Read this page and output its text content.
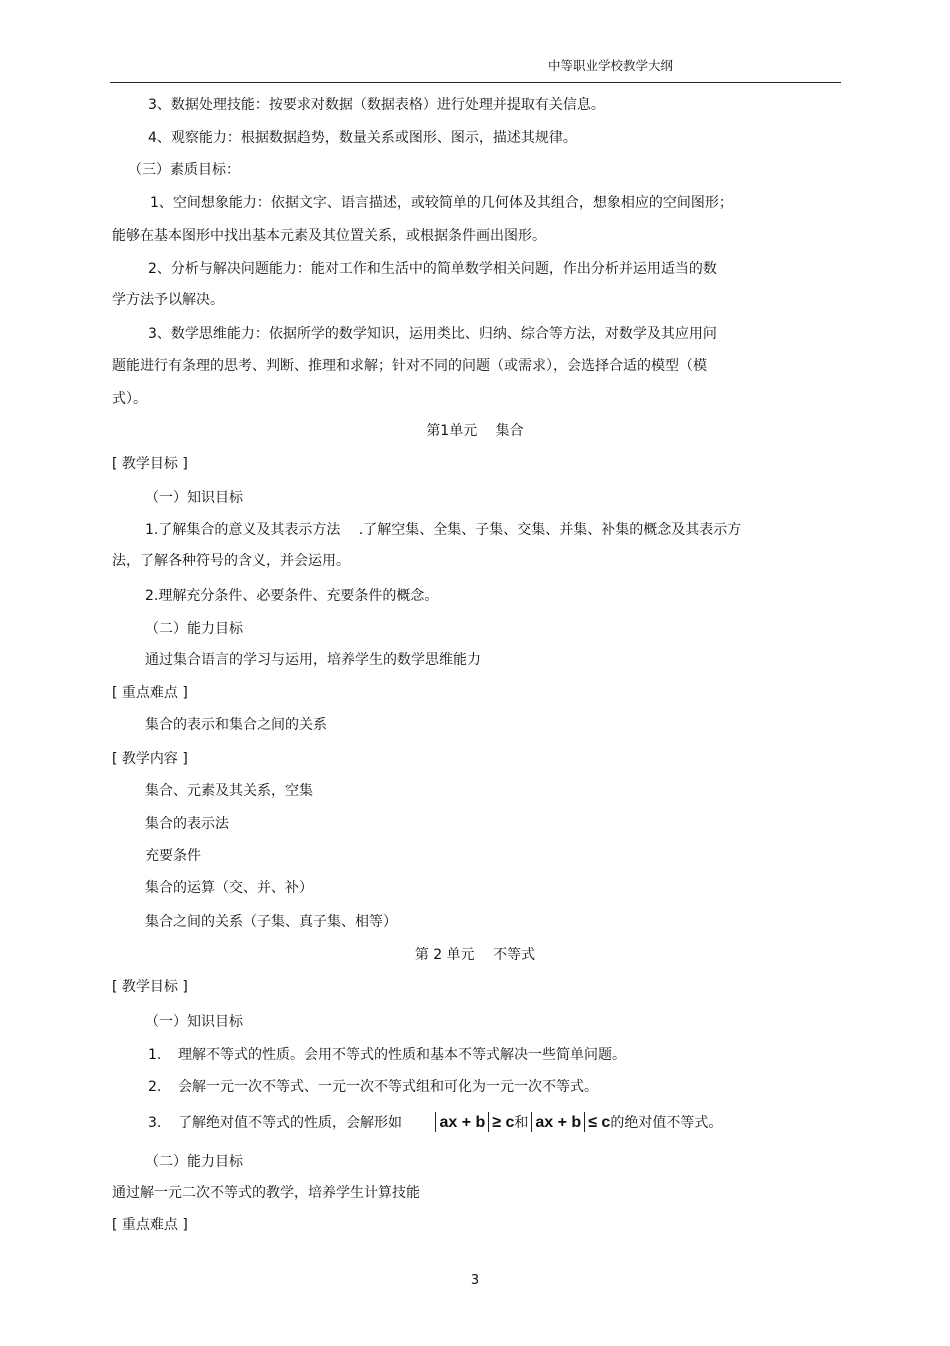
中等职业学校教学大纲
3、数据处理技能：按要求对数据（数据表格）进行处理并提取有关信息。
4、观察能力：根据数据趋势，数量关系或图形、图示，描述其规律。
（三）素质目标：
1、空间想象能力：依据文字、语言描述，或较简单的几何体及其组合，想象相应的空间图形；
能够在基本图形中找出基本元素及其位置关系，或根据条件画出图形。
2、分析与解决问题能力：能对工作和生活中的简单数学相关问题，作出分析并运用适当的数
学方法予以解决。
3、数学思维能力：依据所学的数学知识，运用类比、归纳、综合等方法，对数学及其应用问
题能进行有条理的思考、判断、推理和求解；针对不同的问题（或需求），会选择合适的模型（模
式）。
第1单元　 集合
[ 教学目标 ]
（一）知识目标
1.了解集合的意义及其表示方法　 .了解空集、全集、子集、交集、并集、补集的概念及其表示方
法，了解各种符号的含义，并会运用。
2.理解充分条件、必要条件、充要条件的概念。
（二）能力目标
通过集合语言的学习与运用，培养学生的数学思维能力
[ 重点难点 ]
集合的表示和集合之间的关系
[ 教学内容 ]
集合、元素及其关系，空集
集合的表示法
充要条件
集合的运算（交、并、补）
集合之间的关系（子集、真子集、相等）
第 2 单元　 不等式
[ 教学目标 ]
（一）知识目标
1. 理解不等式的性质。会用不等式的性质和基本不等式解决一些简单问题。
2. 会解一元一次不等式、一元一次不等式组和可化为一元一次不等式。
3. 了解绝对值不等式的性质，会解形如 ax + b ≥ c和 ax + b ≤ c的绝对值不等式。
（二）能力目标
通过解一元二次不等式的教学，培养学生计算技能
[ 重点难点 ]
3
